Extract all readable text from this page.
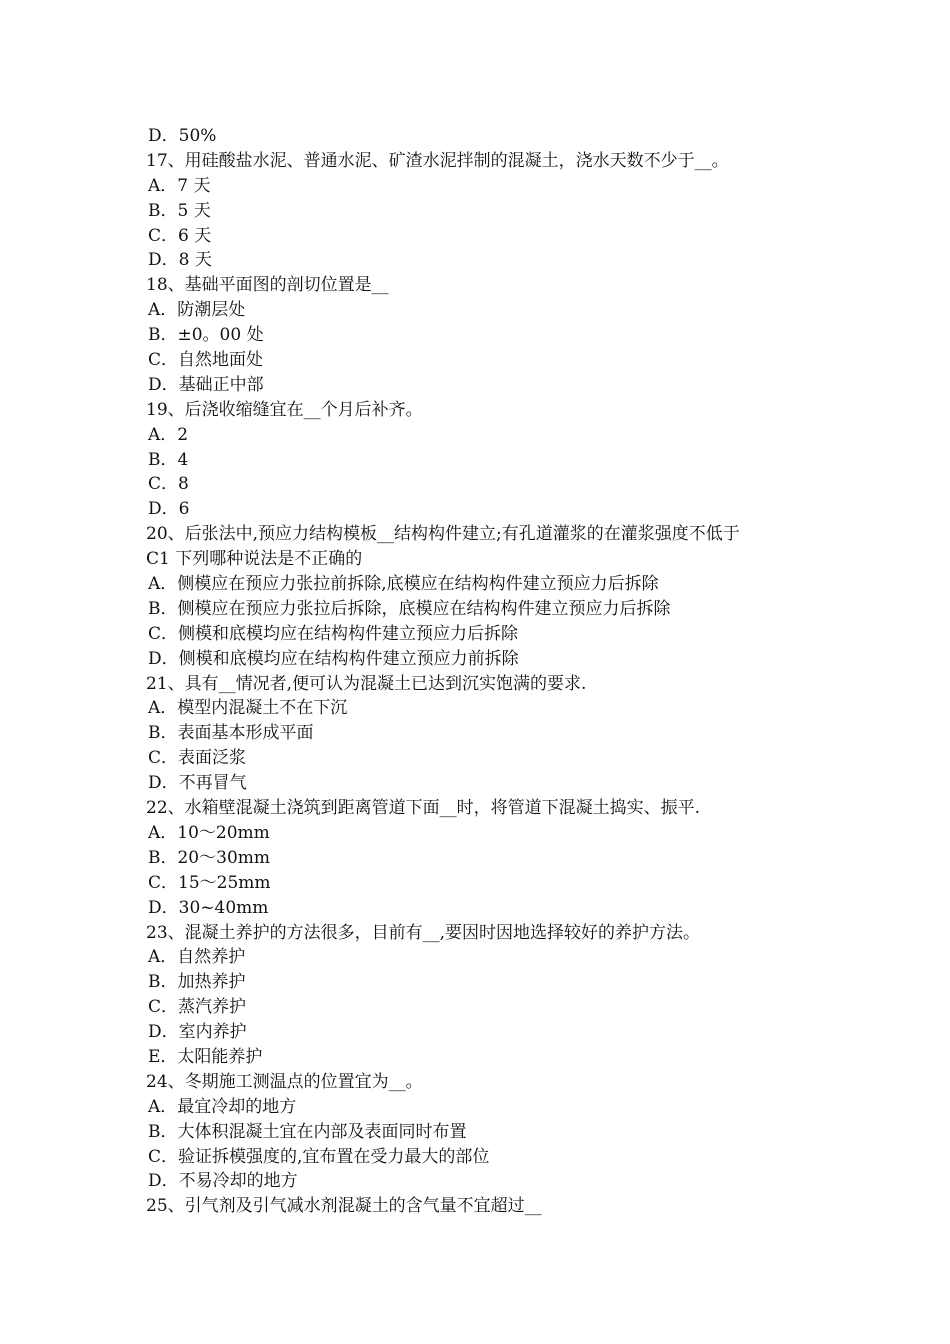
D．50%
17、用硅酸盐水泥、普通水泥、矿渣水泥拌制的混凝土，浇水天数不少于__。
A．7 天
B．5 天
C．6 天
D．8 天
18、基础平面图的剖切位置是__
A．防潮层处
B．±0。00 处
C．自然地面处
D．基础正中部
19、后浇收缩缝宜在__个月后补齐。
A．2
B．4
C．8
D．6
20、后张法中,预应力结构模板__结构构件建立;有孔道灌浆的在灌浆强度不低于
C1 下列哪种说法是不正确的
A．侧模应在预应力张拉前拆除,底模应在结构构件建立预应力后拆除
B．侧模应在预应力张拉后拆除，底模应在结构构件建立预应力后拆除
C．侧模和底模均应在结构构件建立预应力后拆除
D．侧模和底模均应在结构构件建立预应力前拆除
21、具有__情况者,便可认为混凝土已达到沉实饱满的要求.
A．模型内混凝土不在下沉
B．表面基本形成平面
C．表面泛浆
D．不再冒气
22、水箱壁混凝土浇筑到距离管道下面__时，将管道下混凝土捣实、振平.
A．10～20mm
B．20～30mm
C．15～25mm
D．30~40mm
23、混凝土养护的方法很多，目前有__,要因时因地选择较好的养护方法。
A．自然养护
B．加热养护
C．蒸汽养护
D．室内养护
E．太阳能养护
24、冬期施工测温点的位置宜为__。
A．最宜冷却的地方
B．大体积混凝土宜在内部及表面同时布置
C．验证拆模强度的,宜布置在受力最大的部位
D．不易冷却的地方
25、引气剂及引气减水剂混凝土的含气量不宜超过__
